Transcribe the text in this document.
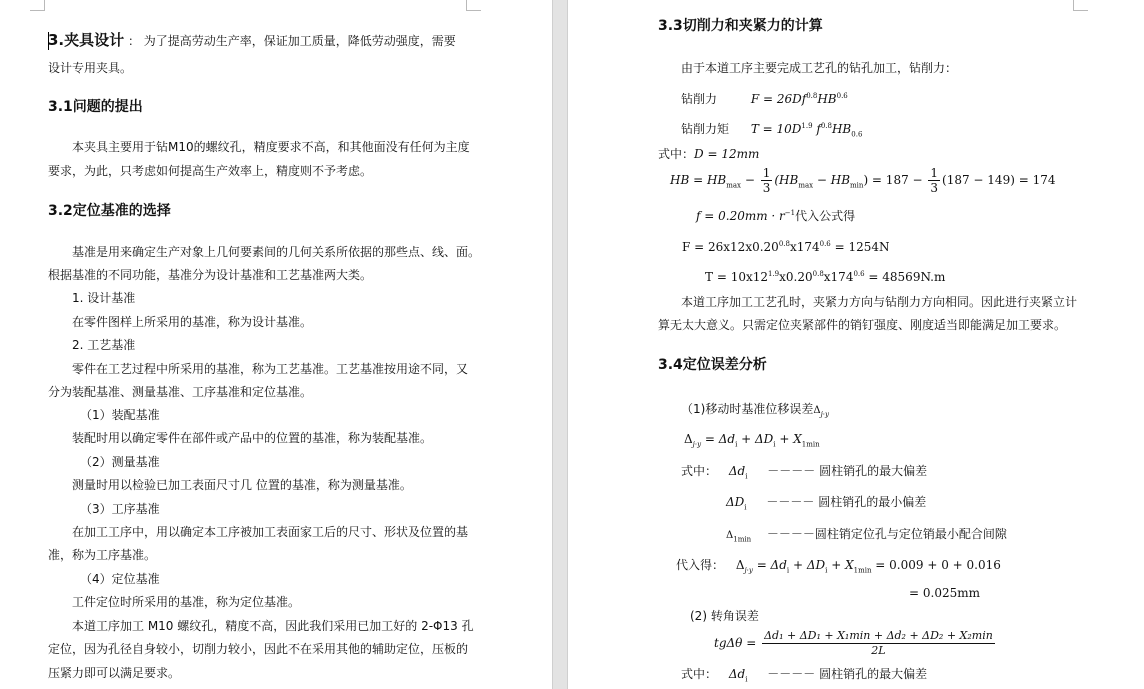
3.夹具设计 ： 为了提高劳动生产率，保证加工质量，降低劳动强度，需要
设计专用夹具。
3.1问题的提出
本夹具主要用于钻M10的螺纹孔，精度要求不高，和其他面没有任何为主度
要求，为此，只考虑如何提高生产效率上，精度则不予考虑。
3.2定位基准的选择
基准是用来确定生产对象上几何要素间的几何关系所依据的那些点、线、面。
根据基准的不同功能，基准分为设计基准和工艺基准两大类。
1. 设计基准
在零件图样上所采用的基准，称为设计基准。
2. 工艺基准
零件在工艺过程中所采用的基准，称为工艺基准。工艺基准按用途不同，又
分为装配基准、测量基准、工序基准和定位基准。
（1）装配基准
装配时用以确定零件在部件或产品中的位置的基准，称为装配基准。
（2）测量基准
测量时用以检验已加工表面尺寸几 位置的基准，称为测量基准。
（3）工序基准
在加工工序中，用以确定本工序被加工表面家工后的尺寸、形状及位置的基
准，称为工序基准。
（4）定位基准
工件定位时所采用的基准，称为定位基准。
本道工序加工 M10 螺纹孔，精度不高，因此我们采用已加工好的 2-Φ13 孔
定位，因为孔径自身较小，切削力较小，因此不在采用其他的辅助定位，压板的
压紧力即可以满足要求。
3.3切削力和夹紧力的计算
由于本道工序主要完成工艺孔的钻孔加工，钻削力：
钻削力	$F = 26Df^{0.8}HB^{0.6}$
钻削力矩 $T = 10D^{1.9}$ $f^{0.8}HB_{0.6}$
式中：D = 12mm
HB = $HB_{max} - \frac{1}{3} (HB_{max} - HB_{min}) = 187 - \frac{1}{3} (187 - 149) = 174$
$f = 0.20mm \cdot r^{-1}$代入公式得
$F = 26x12x0.20^{0.8}x174^{0.6} = 1254N$
$T = 10x12^{1.9}x0.20^{0.8}x174^{0.6} = 48569N.m$
本道工序加工工艺孔时，夹紧力方向与钻削力方向相同。因此进行夹紧立计
算无太大意义。只需定位夹紧部件的销钉强度、刚度适当即能满足加工要求。
3.4定位误差分析
（1)移动时基准位移误差$\Delta_{j\cdot y}$
$\Delta_{j\cdot y} = \Delta d_i + \Delta D_i + X_{1min}$
式中： $\Delta d_i$ －－－－ 圆柱销孔的最大偏差
$\Delta D_i$ －－－－ 圆柱销孔的最小偏差
$\Delta_{1min}$ －－－－圆柱销定位孔与定位销最小配合间隙
代入得： $\Delta_{j\cdot y} = \Delta d_i + \Delta D_i + X_{1min} = 0.009 + 0 + 0.016$
= 0.025mm
(2) 转角误差
$tg\Delta\theta = \frac{\text{Δd₁ + ΔD₁ + X₁min + Δd₂ + ΔD₂ + X₂min}}{2L}$
式中： $\Delta d_i$ －－－－ 圆柱销孔的最大偏差
